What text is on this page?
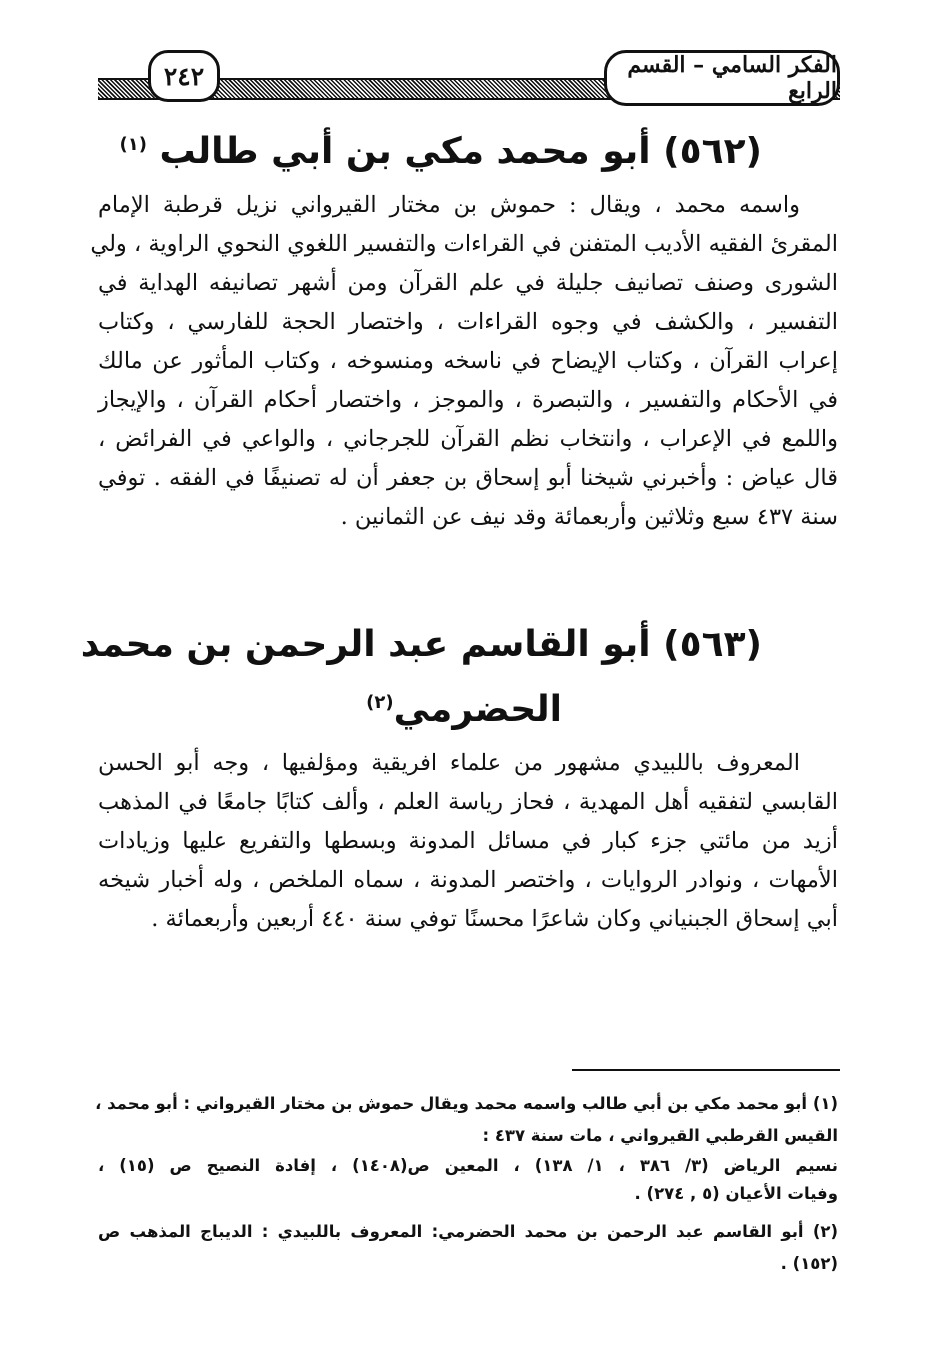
الفكر السامي – القسم الرابع
٢٤٢
(٥٦٢) أبو محمد مكي بن أبي طالب $^{(١)}$
واسمه محمد ، ويقال : حموش بن مختار القيرواني نزيل قرطبة الإمام
المقرئ الفقيه الأديب المتفنن في القراءات والتفسير اللغوي النحوي الراوية ، ولي
الشورى وصنف تصانيف جليلة في علم القرآن ومن أشهر تصانيفه الهداية في
التفسير ، والكشف في وجوه القراءات ، واختصار الحجة للفارسي ، وكتاب
إعراب القرآن ، وكتاب الإيضاح في ناسخه ومنسوخه ، وكتاب المأثور عن مالك
في الأحكام والتفسير ، والتبصرة ، والموجز ، واختصار أحكام القرآن ، والإيجاز
واللمع في الإعراب ، وانتخاب نظم القرآن للجرجاني ، والواعي في الفرائض ،
قال عياض : وأخبرني شيخنا أبو إسحاق بن جعفر أن له تصنيفًا في الفقه . توفي
سنة ٤٣٧ سبع وثلاثين وأربعمائة وقد نيف عن الثمانين .
(٥٦٣) أبو القاسم عبد الرحمن بن محمد
الحضرمي$^{(٢)}$
المعروف باللبيدي مشهور من علماء افريقية ومؤلفيها ، وجه أبو الحسن
القابسي لتفقيه أهل المهدية ، فحاز رياسة العلم ، وألف كتابًا جامعًا في المذهب
أزيد من مائتي جزء كبار في مسائل المدونة وبسطها والتفريع عليها وزيادات
الأمهات ، ونوادر الروايات ، واختصر المدونة ، سماه الملخص ، وله أخبار شيخه
أبي إسحاق الجبنياني وكان شاعرًا محسنًا توفي سنة ٤٤٠ أربعين وأربعمائة .
(١) أبو محمد مكي بن أبي طالب واسمه محمد ويقال حموش بن مختار القيرواني : أبو محمد ،
القيس القرطبي القيرواني ، مات سنة ٤٣٧ :
نسيم الرياض (٣/ ٣٨٦ ، ١/ ١٣٨) ، المعين ص(١٤٠٨) ، إفادة النصيح ص (١٥) ،
وفيات الأعيان (٥ , ٢٧٤) .
(٢) أبو القاسم عبد الرحمن بن محمد الحضرمي: المعروف باللبيدي : الديباج المذهب ص
(١٥٢) .
